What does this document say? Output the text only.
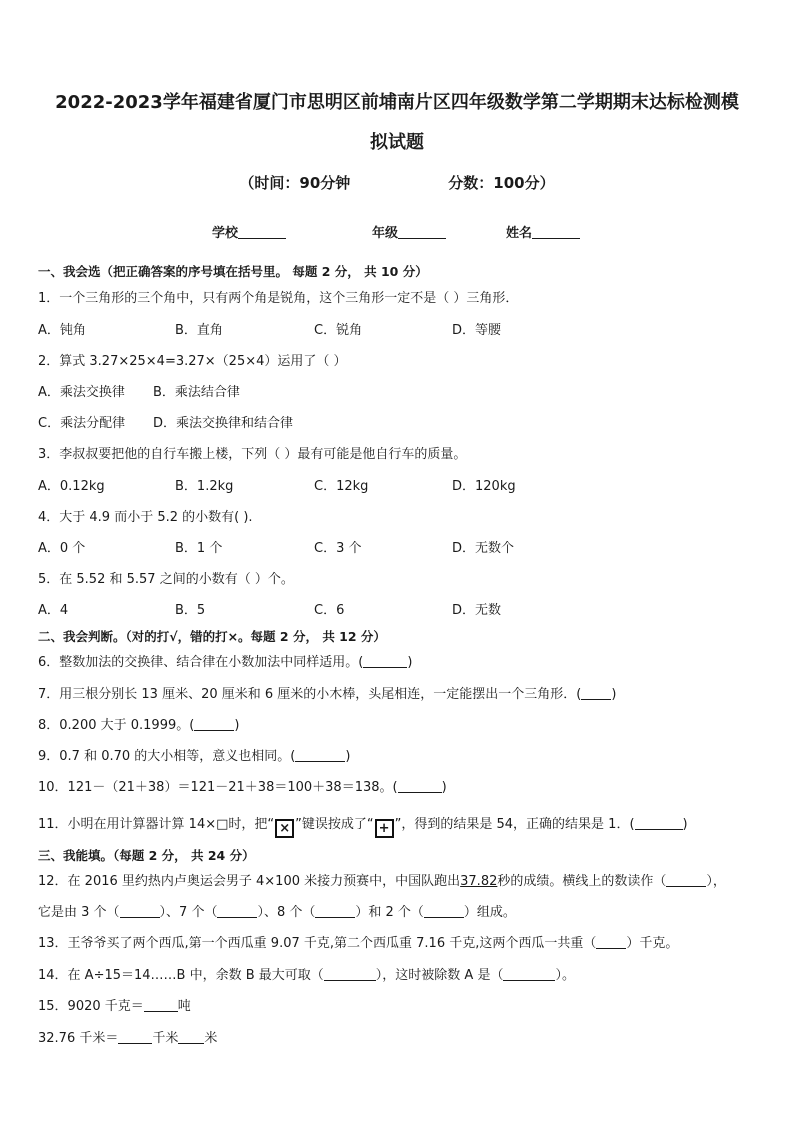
2022-2023学年福建省厦门市思明区前埔南片区四年级数学第二学期期末达标检测模
拟试题
（时间：90分钟	分数：100分）
学校	年级	姓名
一、我会选（把正确答案的序号填在括号里。 每题 2 分， 共 10 分）
1．一个三角形的三个角中，只有两个角是锐角，这个三角形一定不是（ ）三角形．
A．钝角	B．直角	C．锐角	D．等腰
2．算式 3.27×25×4=3.27×（25×4）运用了（ ）
A．乘法交换律 B．乘法结合律
C．乘法分配律 D．乘法交换律和结合律
3．李叔叔要把他的自行车搬上楼，下列（ ）最有可能是他自行车的质量。
A．0.12kg	B．1.2kg	C．12kg	D．120kg
4．大于 4.9 而小于 5.2 的小数有( ).
A．0 个	B．1 个	C．3 个	D．无数个
5．在 5.52 和 5.57 之间的小数有（ ）个。
A．4	B．5	C．6	D．无数
二、我会判断。（对的打√，错的打×。每题 2 分， 共 12 分）
6．整数加法的交换律、结合律在小数加法中同样适用。(	)
7．用三根分别长 13 厘米、20 厘米和 6 厘米的小木棒，头尾相连，一定能摆出一个三角形．( )
8．0.200 大于 0.1999。(	)
9．0.7 和 0.70 的大小相等，意义也相同。(	)
10．121－（21＋38）＝121－21＋38＝100＋38＝138。(	)
11．小明在用计算器计算 14×□时，把“ × ”键误按成了“ + ”，得到的结果是 54，正确的结果是 1．(	)
三、我能填。（每题 2 分， 共 24 分）
12．在 2016 里约热内卢奥运会男子 4×100 米接力预赛中，中国队跑出37.82秒的成绩。横线上的数读作（	），
它是由 3 个（	）、7 个（	）、8 个（	）和 2 个（	）组成。
13．王爷爷买了两个西瓜,第一个西瓜重 9.07 千克,第二个西瓜重 7.16 千克,这两个西瓜一共重（ ）千克。
14．在 A÷15＝14……B 中，余数 B 最大可取（	），这时被除数 A 是（	）。
15．9020 千克＝	吨
32.76 千米＝	千米 米
